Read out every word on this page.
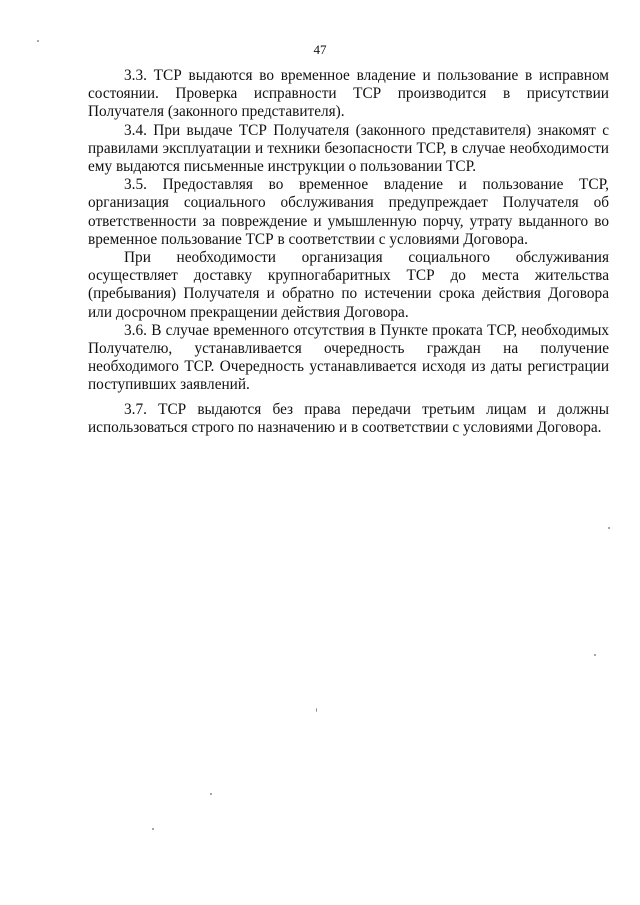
47

3.3. ТСР выдаются во временное владение и пользование в исправном состоянии. Проверка исправности ТСР производится в присутствии Получателя (законного представителя).

3.4. При выдаче ТСР Получателя (законного представителя) знакомят с правилами эксплуатации и техники безопасности ТСР, в случае необходимости ему выдаются письменные инструкции о пользовании ТСР.

3.5. Предоставляя во временное владение и пользование ТСР, организация социального обслуживания предупреждает Получателя об ответственности за повреждение и умышленную порчу, утрату выданного во временное пользование ТСР в соответствии с условиями Договора.

При необходимости организация социального обслуживания осуществляет доставку крупногабаритных ТСР до места жительства (пребывания) Получателя и обратно по истечении срока действия Договора или досрочном прекращении действия Договора.

3.6. В случае временного отсутствия в Пункте проката ТСР, необходимых Получателю, устанавливается очередность граждан на получение необходимого ТСР. Очередность устанавливается исходя из даты регистрации поступивших заявлений.

3.7. ТСР выдаются без права передачи третьим лицам и должны использоваться строго по назначению и в соответствии с условиями Договора.
